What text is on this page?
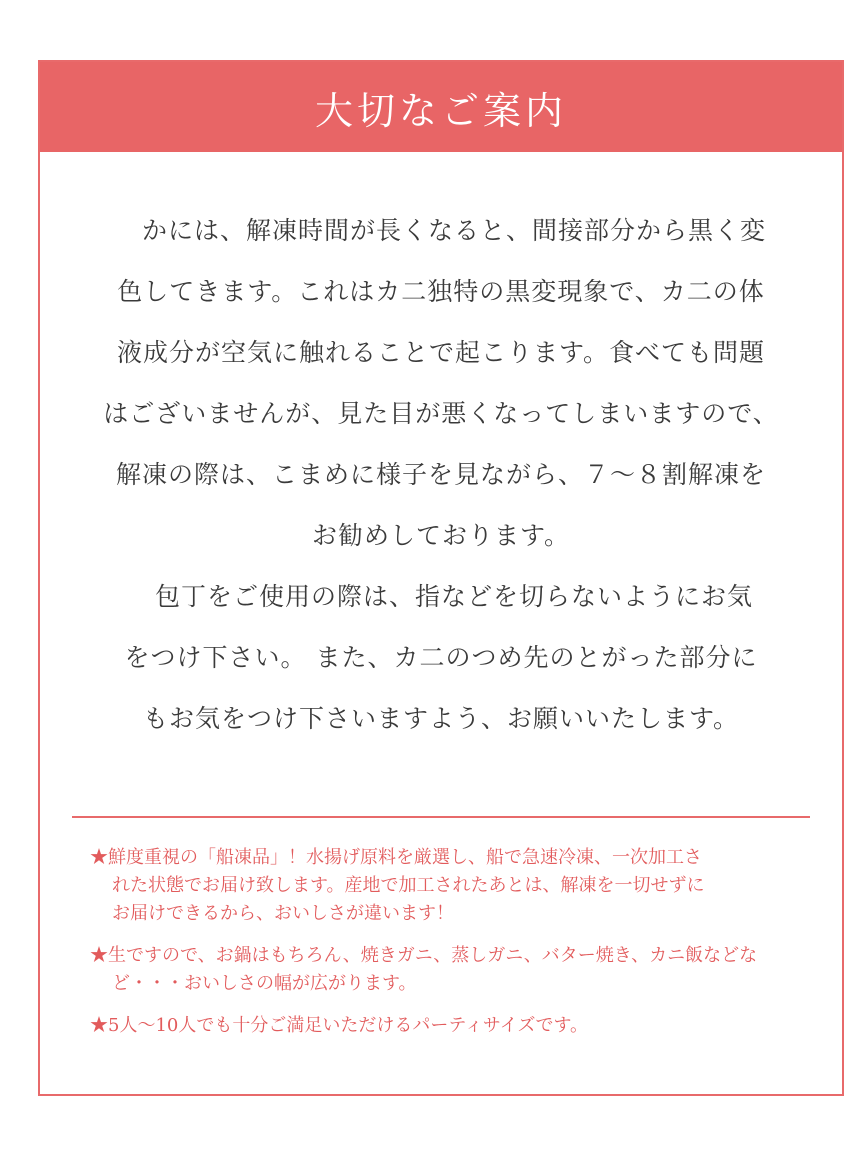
大切なご案内
　かには、解凍時間が長くなると、間接部分から黒く変
色してきます。これはカ二独特の黒変現象で、カ二の体
液成分が空気に触れることで起こります。食べても問題
はございませんが、見た目が悪くなってしまいますので、
解凍の際は、こまめに様子を見ながら、７～８割解凍を
お勧めしております。
　包丁をご使用の際は、指などを切らないようにお気
をつけ下さい。 また、カ二のつめ先のとがった部分に
もお気をつけ下さいますよう、お願いいたします。
★鮮度重視の「船凍品」！水揚げ原料を厳選し、船で急速冷凍、一次加工さ
れた状態でお届け致します。産地で加工されたあとは、解凍を一切せずに
お届けできるから、おいしさが違います！
★生ですので、お鍋はもちろん、焼きガニ、蒸しガニ、バター焼き、カニ飯などな
ど・・・おいしさの幅が広がります。
★5人～10人でも十分ご満足いただけるパーティサイズです。
